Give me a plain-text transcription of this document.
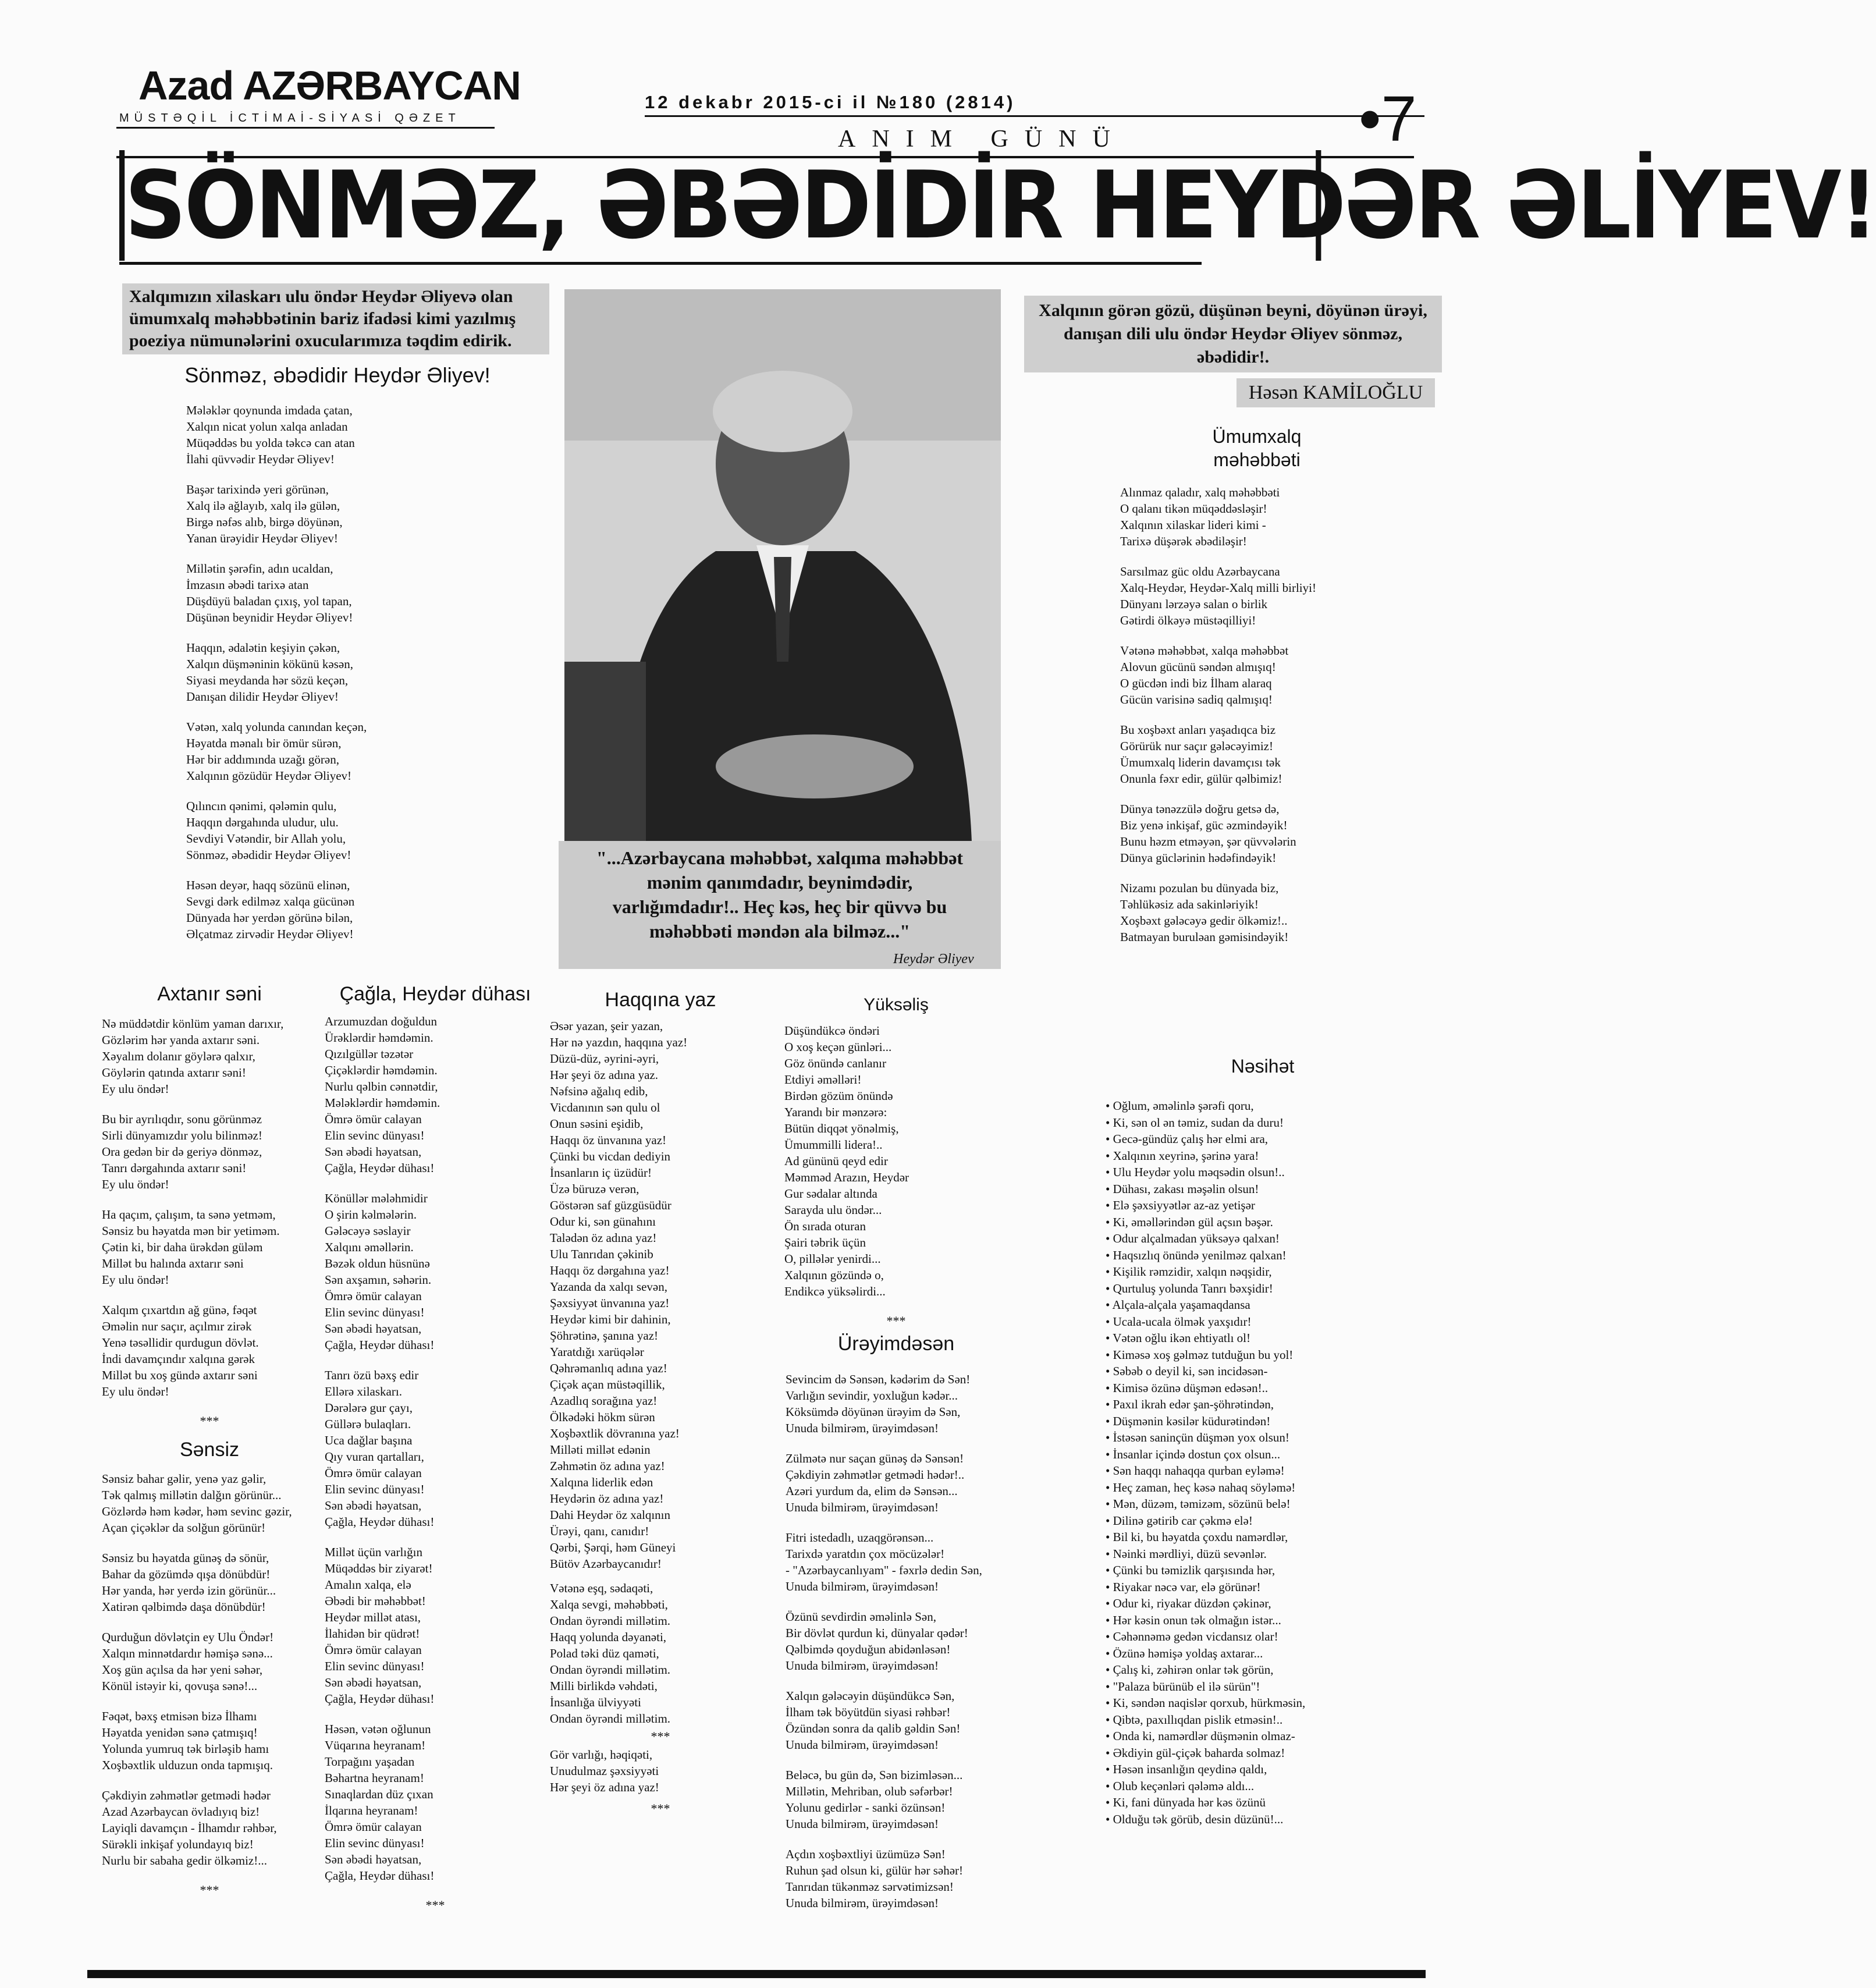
Azad AZƏRBAYCAN
MÜSTƏQİL İCTİMAİ-SİYASİ QƏZET
12 dekabr 2015-ci il №180 (2814)	•7
ANIM GÜNÜ
SÖNMƏZ, ƏBƏDİDİR HEYDƏR ƏLİYEV!
Xalqımızın xilaskarı ulu öndər Heydər Əliyevə olan ümumxalq məhəbbətinin bariz ifadəsi kimi yazılmış poeziya nümunələrini oxucularımıza təqdim edirik.
Sönməz, əbədidir Heydər Əliyev!
Mələklər qoynunda imdada çatan,
Xalqın nicat yolun xalqa anladan
Müqəddəs bu yolda təkcə can atan
İlahi qüvvədir Heydər Əliyev!
Başər tarixində yeri görünən,
Xalq ilə ağlayıb, xalq ilə gülən,
Birgə nəfəs alıb, birgə döyünən,
Yanan ürəyidir Heydər Əliyev!
Millətin şərəfin, adın ucaldan,
İmzasın əbədi tarixə atan
Düşdüyü baladan çıxış, yol tapan,
Düşünən beynidir Heydər Əliyev!
Haqqın, ədalətin keşiyin çəkən,
Xalqın düşməninin kökünü kəsən,
Siyasi meydanda hər sözü keçən,
Danışan dilidir Heydər Əliyev!
Vətən, xalq yolunda canından keçən,
Həyatda mənalı bir ömür sürən,
Hər bir addımında uzağı görən,
Xalqının gözüdür Heydər Əliyev!
Qılıncın qənimi, qələmin qulu,
Haqqın dərgahında uludur, ulu.
Sevdiyi Vətəndir, bir Allah yolu,
Sönməz, əbədidir Heydər Əliyev!
Həsən deyər, haqq sözünü elinən,
Sevgi dərk edilməz xalqa gücünən
Dünyada hər yerdən görünə bilən,
Əlçatmaz zirvədir Heydər Əliyev!
"...Azərbaycana məhəbbət, xalqıma məhəbbət mənim qanımdadır, beynimdədir, varlığımdadır!.. Heç kəs, heç bir qüvvə bu məhəbbəti məndən ala bilməz..."
Heydər Əliyev
Xalqının görən gözü, düşünən beyni, döyünən ürəyi, danışan dili ulu öndər Heydər Əliyev sönməz, əbədidir!.
Həsən KAMİLOĞLU
Ümumxalq məhəbbəti
Alınmaz qaladır, xalq məhəbbəti
O qalanı tikən müqəddəsləşir!
Xalqının xilaskar lideri kimi -
Tarixə düşərək əbədiləşir!
Sarsılmaz güc oldu Azərbaycana
Xalq-Heydər, Heydər-Xalq milli birliyi!
Dünyanı lərzəyə salan o birlik
Gətirdi ölkəyə müstəqilliyi!
Vətənə məhəbbət, xalqa məhəbbət
Alovun gücünü səndən almışıq!
O gücdən indi biz İlham alaraq
Gücün varisinə sadiq qalmışıq!
Bu xoşbəxt anları yaşadıqca biz
Görürük nur saçır gələcəyimiz!
Ümumxalq liderin davamçısı tək
Onunla fəxr edir, gülür qəlbimiz!
Dünya tənəzzülə doğru getsə də,
Biz yenə inkişaf, güc əzmindəyik!
Bunu həzm etməyən, şər qüvvələrin
Dünya güclərinin hədəfindəyik!
Nizamı pozulan bu dünyada biz,
Təhlükəsiz ada sakinləriyik!
Xoşbəxt gələcəyə gedir ölkəmiz!..
Batmayan buruləan gəmisindəyik!
Axtanır səni
Nə müddətdir könlüm yaman darıxır,
Gözlərim hər yanda axtarır səni.
Xəyalım dolanır göylərə qalxır,
Göylərin qatında axtarır səni!
Ey ulu öndər!
Bu bir ayrılıqdır, sonu görünməz
Sirli dünyamızdır yolu bilinməz!
Ora gedən bir də geriyə dönməz,
Tanrı dərgahında axtarır səni!
Ey ulu öndər!
Ha qaçım, çalışım, ta sənə yetməm,
Sənsiz bu həyatda mən bir yetiməm.
Çətin ki, bir daha ürəkdən güləm
Millət bu halında axtarır səni
Ey ulu öndər!
Xalqım çıxartdın ağ günə, fəqət
Əməlin nur saçır, açılmır zirək
Yenə təsəllidir qurdugun dövlət.
İndi davamçındır xalqına gərək
Millət bu xoş gündə axtarır səni
Ey ulu öndər!
***
Sənsiz
Sənsiz bahar gəlir, yenə yaz gəlir,
Tək qalmış millətin dalğın görünür...
Gözlərdə həm kədər, həm sevinc gəzir,
Açan çiçəklər da solğun görünür!
Sənsiz bu həyatda günəş də sönür,
Bahar da gözümdə qışa dönübdür!
Hər yanda, hər yerdə izin görünür...
Xatirən qəlbimdə daşa dönübdür!
Qurduğun dövlətçin ey Ulu Öndər!
Xalqın minnətdardır həmişə sənə...
Xoş gün açılsa da hər yeni səhər,
Könül istəyir ki, qovuşa sənə!...
Fəqət, bəxş etmisən bizə İlhamı
Həyatda yenidən sənə çatmışıq!
Yolunda yumruq tək birləşib hamı
Xoşbəxtlik ulduzun onda tapmışıq.
Çəkdiyin zəhmətlər getmədi hədər
Azad Azərbaycan övladıyıq biz!
Layiqli davamçın - İlhamdır rəhbər,
Sürəkli inkişaf yolundayıq biz!
Nurlu bir sabaha gedir ölkəmiz!...
***
Çağla, Heydər dühası
Arzumuzdan doğuldun
Ürəklərdir həmdəmin.
Qızılgüllər təzətər
Çiçəklərdir həmdəmin.
Nurlu qəlbin cənnətdir,
Mələklərdir həmdəmin.
Ömrə ömür calayan
Elin sevinc dünyası!
Sən əbədi həyatsan,
Çağla, Heydər dühası!
Könüllər mələhmidir
O şirin kəlmələrin.
Gələcəyə səslayir
Xalqını əməllərin.
Bəzək oldun hüsnünə
Sən axşamın, səhərin.
Ömrə ömür calayan
Elin sevinc dünyası!
Sən əbədi həyatsan,
Çağla, Heydər dühası!
Tanrı özü bəxş edir
Ellərə xilaskarı.
Dərələrə gur çayı,
Güllərə bulaqları.
Uca dağlar başına
Qıy vuran qartalları,
Ömrə ömür calayan
Elin sevinc dünyası!
Sən əbədi həyatsan,
Çağla, Heydər dühası!
Millət üçün varlığın
Müqəddəs bir ziyarət!
Amalın xalqa, elə
Əbədi bir məhəbbət!
Heydər millət atası,
İlahidən bir qüdrət!
Ömrə ömür calayan
Elin sevinc dünyası!
Sən əbədi həyatsan,
Çağla, Heydər dühası!
Həsən, vətən oğlunun
Vüqarına heyranam!
Torpağını yaşadan
Bəhartna heyranam!
Sınaqlardan düz çıxan
İlqarına heyranam!
Ömrə ömür calayan
Elin sevinc dünyası!
Sən əbədi həyatsan,
Çağla, Heydər dühası!
***
Haqqına yaz
Əsər yazan, şeir yazan,
Hər nə yazdın, haqqına yaz!
Düzü-düz, əyrini-əyri,
Hər şeyi öz adına yaz.
Nəfsinə ağalıq edib,
Vicdanının sən qulu ol
Onun səsini eşidib,
Haqqı öz ünvanına yaz!
Çünki bu vicdan dediyin
İnsanların iç üzüdür!
Üzə büruzə verən,
Göstərən saf güzgüsüdür
Odur ki, sən günahını
Talədən öz adına yaz!
Ulu Tanrıdan çəkinib
Haqqı öz dərgahına yaz!
Yazanda da xalqı sevən,
Şəxsiyyət ünvanına yaz!
Heydər kimi bir dahinin,
Şöhrətinə, şanına yaz!
Yaratdığı xarüqələr
Qəhrəmanlıq adına yaz!
Çiçək açan müstəqillik,
Azadlıq sorağına yaz!
Ölkədəki hökm sürən
Xoşbəxtlik dövranına yaz!
Milləti millət edənin
Zəhmətin öz adına yaz!
Xalqına liderlik edən
Heydərin öz adına yaz!
Dahi Heydər öz xalqının
Ürəyi, qanı, canıdır!
Qərbi, Şərqi, həm Güneyi
Bütöv Azərbaycanıdır!
Vətənə eşq, sədaqəti,
Xalqa sevgi, məhəbbəti,
Ondan öyrəndi millətim.
Haqq yolunda dəyanəti,
Polad təki düz qaməti,
Ondan öyrəndi millətim.
Milli birlikdə vəhdəti,
İnsanlığa ülviyyəti
Ondan öyrəndi millətim.
***
Gör varlığı, həqiqəti,
Unudulmaz şəxsiyyəti
Hər şeyi öz adına yaz!
***
Yüksəliş
Düşündükcə öndəri
O xoş keçən günləri...
Göz önündə canlanır
Etdiyi əməlləri!
Birdən gözüm önündə
Yarandı bir mənzərə:
Bütün diqqət yönəlmiş,
Ümummilli lidera!..
Ad gününü qeyd edir
Məmməd Arazın, Heydər
Gur sədalar altında
Sarayda ulu öndər...
Ön sırada oturan
Şairi təbrik üçün
O, pillələr yenirdi...
Xalqının gözündə o,
Endikcə yüksəlirdi...
***
Ürəyimdəsən
Sevincim də Sənsən, kədərim də Sən!
Varlığın sevindir, yoxluğun kədər...
Köksümdə döyünən ürəyim də Sən,
Unuda bilmirəm, ürəyimdəsən!
Zülmətə nur saçan günəş də Sənsən!
Çəkdiyin zəhmətlər getmədi hədər!..
Azəri yurdum da, elim də Sənsən...
Unuda bilmirəm, ürəyimdəsən!
Fitri istedadlı, uzaqgörənsən...
Tarixdə yaratdın çox möcüzələr!
- "Azərbaycanlıyam" - fəxrlə dedin Sən,
Unuda bilmirəm, ürəyimdəsən!
Özünü sevdirdin əməlinlə Sən,
Bir dövlət qurdun ki, dünyalar qədər!
Qəlbimdə qoyduğun abidənləsən!
Unuda bilmirəm, ürəyimdəsən!
Xalqın gələcəyin düşündükcə Sən,
İlham tək böyütdün siyasi rəhbər!
Özündən sonra da qalib gəldin Sən!
Unuda bilmirəm, ürəyimdəsən!
Beləcə, bu gün də, Sən bizimləsən...
Millətin, Mehriban, olub səfərbər!
Yolunu gedirlər - sanki özünsən!
Unuda bilmirəm, ürəyimdəsən!
Açdın xoşbəxtliyi üzümüzə Sən!
Ruhun şad olsun ki, gülür hər səhər!
Tanrıdan tükənməz sərvətimizsən!
Unuda bilmirəm, ürəyimdəsən!
Nəsihət
• Oğlum, əməlinlə şərəfi qoru,
• Ki, sən ol ən təmiz, sudan da duru!
• Gecə-gündüz çalış hər elmi ara,
• Xalqının xeyrinə, şərinə yara!
• Ulu Heydər yolu məqsədin olsun!..
• Dühası, zakası məşəlin olsun!
• Elə şəxsiyyətlər az-az yetişər
• Ki, əməllərindən gül açsın bəşər.
• Odur alçalmadan yüksəyə qalxan!
• Haqsızlıq önündə yenilməz qalxan!
• Kişilik rəmzidir, xalqın nəqşidir,
• Qurtuluş yolunda Tanrı bəxşidir!
• Alçala-alçala yaşamaqdansa
• Ucala-ucala ölmək yaxşıdır!
• Vətən oğlu ikən ehtiyatlı ol!
• Kiməsə xoş gəlməz tutduğun bu yol!
• Səbəb o deyil ki, sən incidəsən-
• Kimisə özünə düşmən edəsən!..
• Paxıl ikrah edər şan-şöhrətindən,
• Düşmənin kəsilər küdurətindən!
• İstəsən saninçün düşmən yox olsun!
• İnsanlar içində dostun çox olsun...
• Sən haqqı nahaqqa qurban eyləmə!
• Heç zaman, heç kəsə nahaq söyləmə!
• Mən, düzəm, təmizəm, sözünü belə!
• Dilinə gətirib car çəkmə elə!
• Bil ki, bu həyatda çoxdu namərdlər,
• Nəinki mərdliyi, düzü sevənlər.
• Çünki bu təmizlik qarşısında hər,
• Riyakar nəcə var, elə görünər!
• Odur ki, riyakar düzdən çəkinər,
• Hər kəsin onun tək olmağın istər...
• Cəhənnəmə gedən vicdansız olar!
• Özünə həmişə yoldaş axtarar...
• Çalış ki, zəhirən onlar tək görün,
• "Palaza bürünüb el ilə sürün"!
• Ki, səndən naqislər qorxub, hürkməsin,
• Qibtə, paxıllıqdan pislik etməsin!..
• Onda ki, namərdlər düşmənin olmaz-
• Əkdiyin gül-çiçək baharda solmaz!
• Həsən insanlığın qeydinə qaldı,
• Olub keçənləri qələmə aldı...
• Ki, fani dünyada hər kəs özünü
• Olduğu tək görüb, desin düzünü!...
